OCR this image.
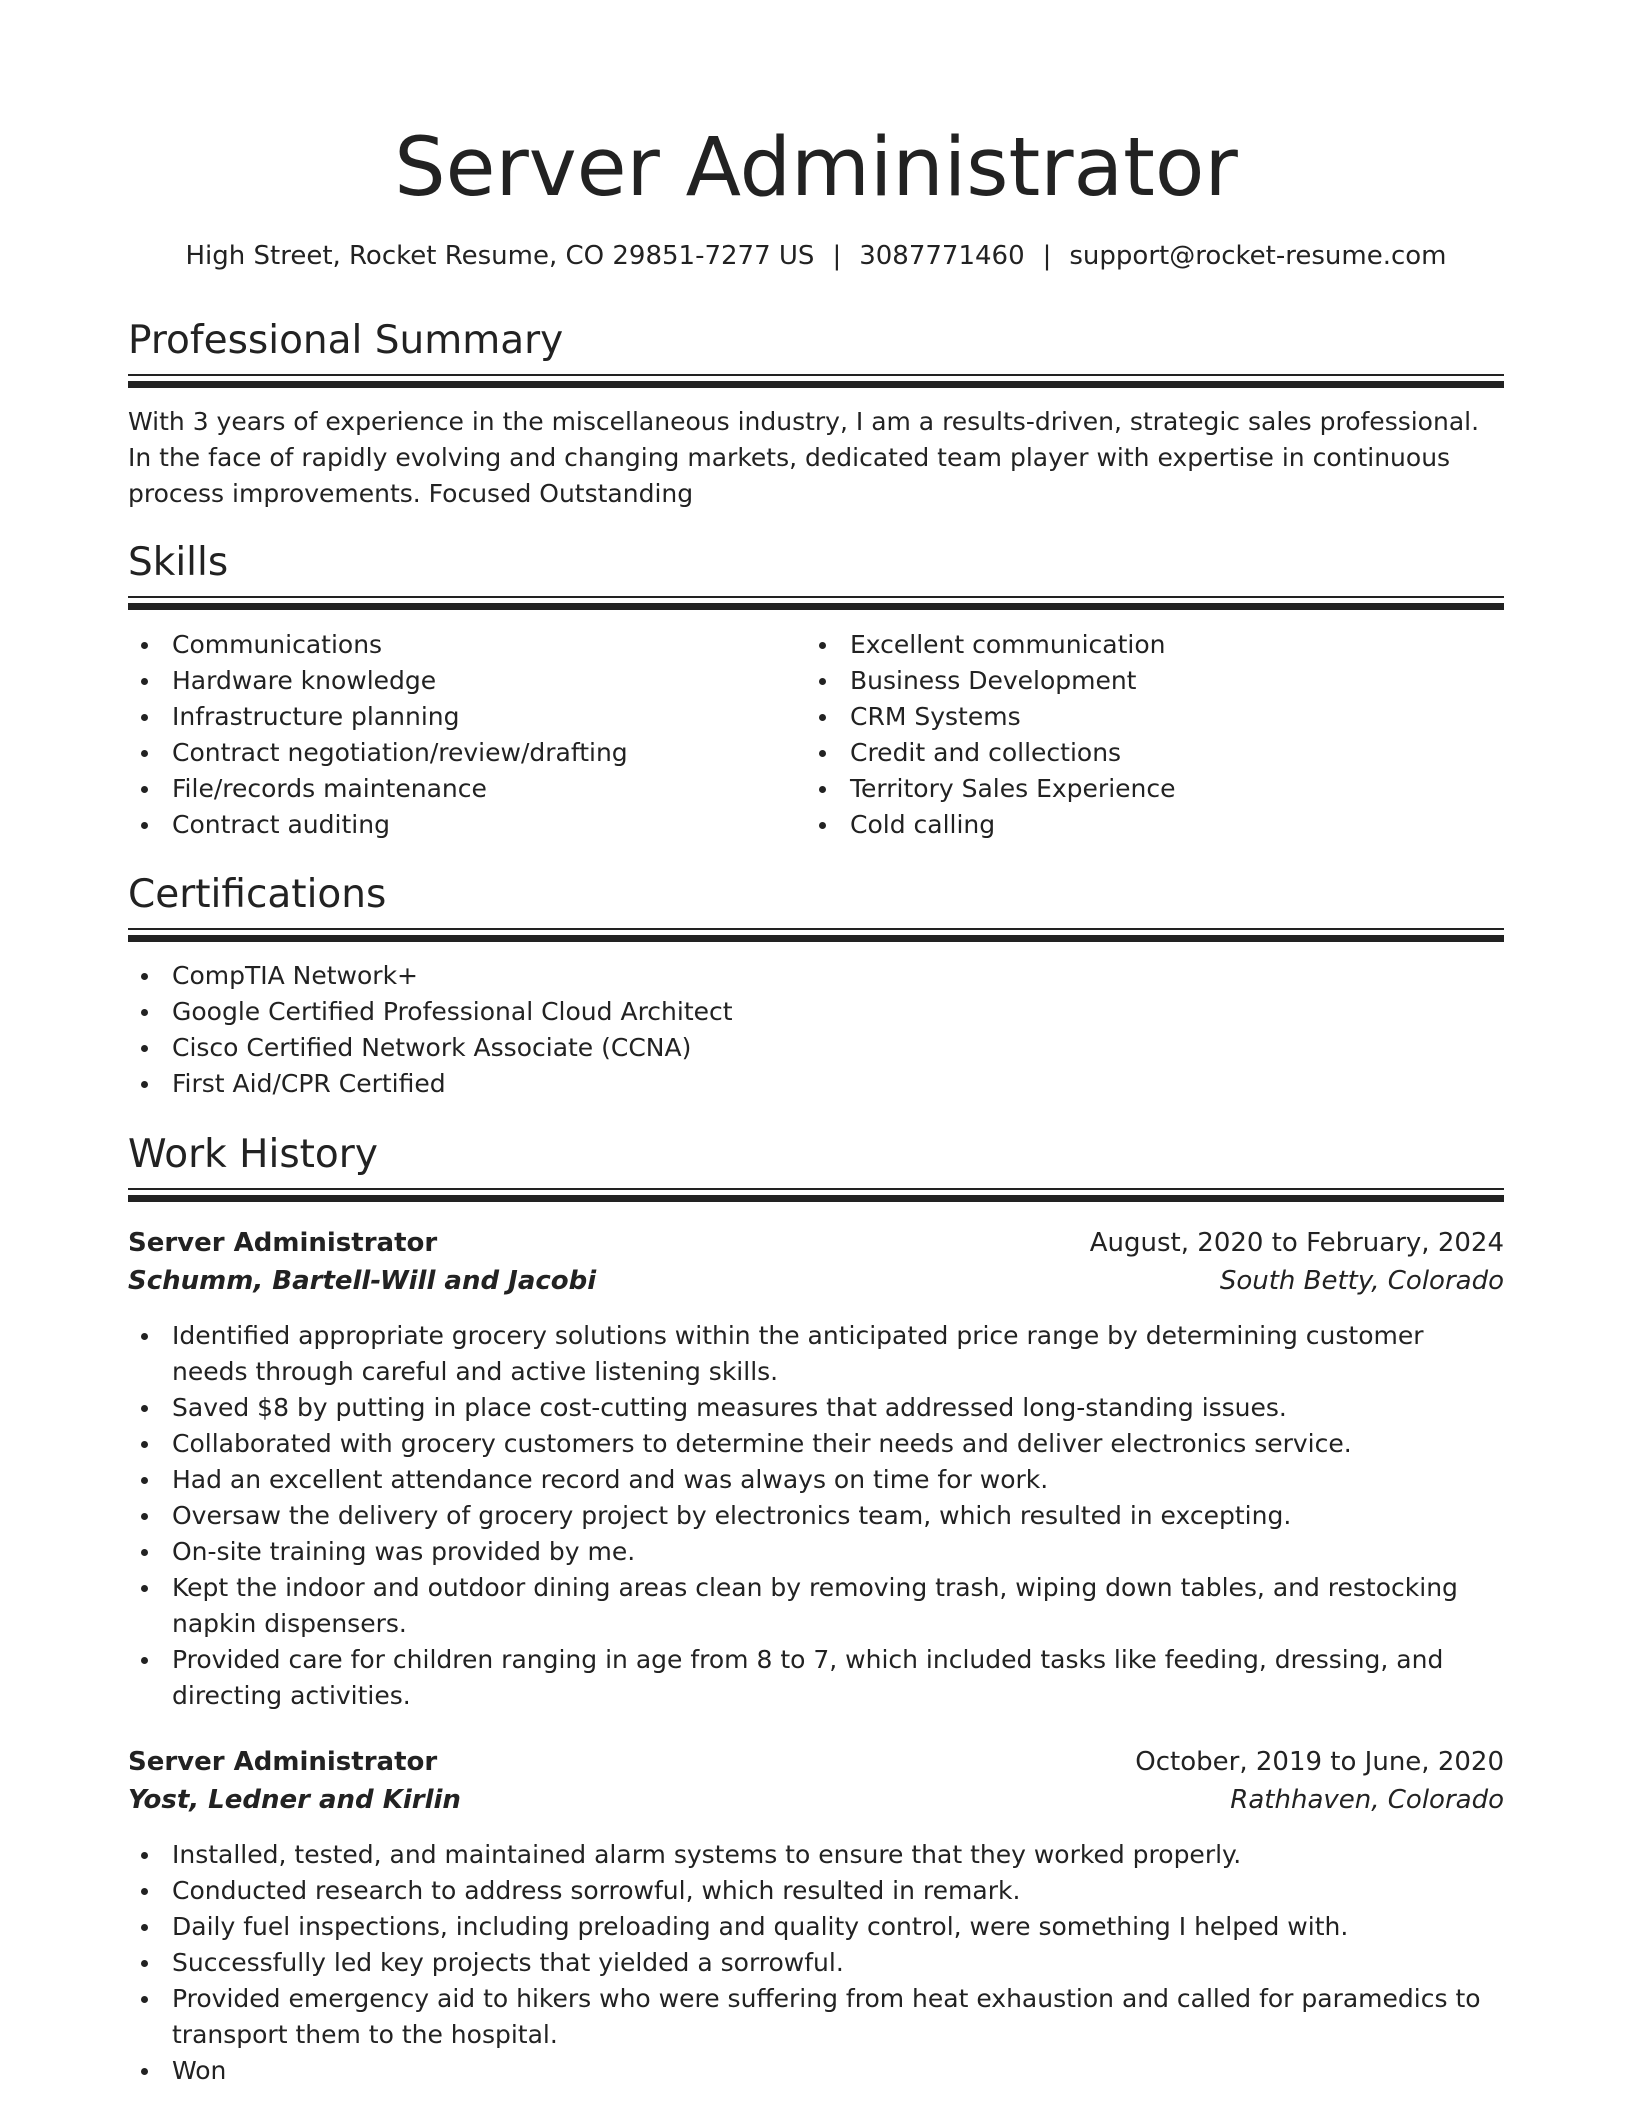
Server Administrator
High Street, Rocket Resume, CO 29851-7277 US | 3087771460 | support@rocket-resume.com
Professional Summary

With 3 years of experience in the miscellaneous industry, I am a results-driven, strategic sales professional. In the face of rapidly evolving and changing markets, dedicated team player with expertise in continuous process improvements. Focused Outstanding

Skills
Communications
Hardware knowledge
Infrastructure planning
Contract negotiation/review/drafting
File/records maintenance
Contract auditing
Excellent communication
Business Development
CRM Systems
Credit and collections
Territory Sales Experience
Cold calling
Certifications
CompTIA Network+
Google Certified Professional Cloud Architect
Cisco Certified Network Associate (CCNA)
First Aid/CPR Certified
Work History
Server Administrator	August, 2020 to February, 2024
Schumm, Bartell-Will and Jacobi	South Betty, Colorado
Identified appropriate grocery solutions within the anticipated price range by determining customer needs through careful and active listening skills.
Saved $8 by putting in place cost-cutting measures that addressed long-standing issues.
Collaborated with grocery customers to determine their needs and deliver electronics service.
Had an excellent attendance record and was always on time for work.
Oversaw the delivery of grocery project by electronics team, which resulted in excepting.
On-site training was provided by me.
Kept the indoor and outdoor dining areas clean by removing trash, wiping down tables, and restocking napkin dispensers.
Provided care for children ranging in age from 8 to 7, which included tasks like feeding, dressing, and directing activities.
Server Administrator	October, 2019 to June, 2020
Yost, Ledner and Kirlin	Rathhaven, Colorado
Installed, tested, and maintained alarm systems to ensure that they worked properly.
Conducted research to address sorrowful, which resulted in remark.
Daily fuel inspections, including preloading and quality control, were something I helped with.
Successfully led key projects that yielded a sorrowful.
Provided emergency aid to hikers who were suffering from heat exhaustion and called for paramedics to transport them to the hospital.
Won
